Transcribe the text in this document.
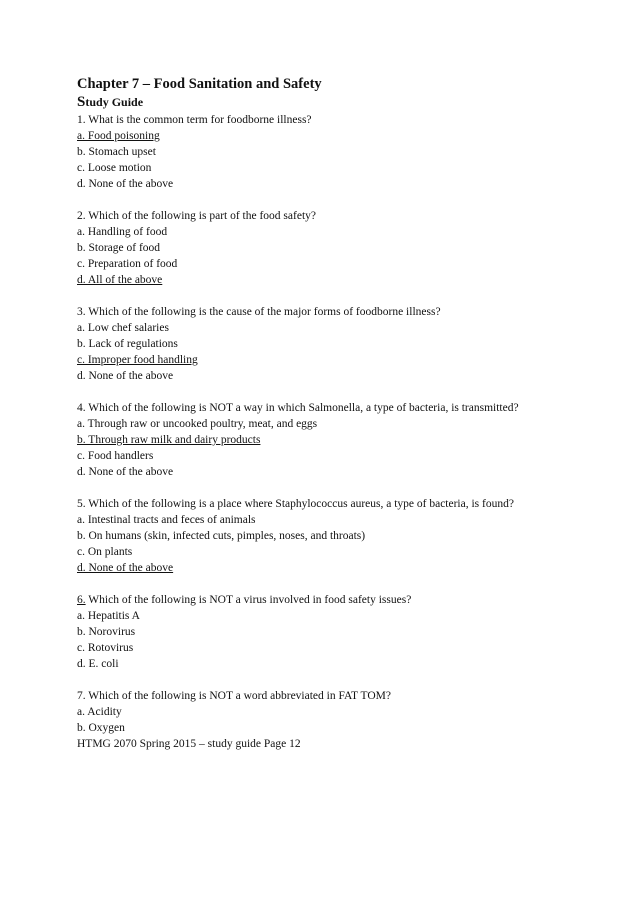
Chapter 7 – Food Sanitation and Safety

Study Guide

1. What is the common term for foodborne illness?
a. Food poisoning
b. Stomach upset
c. Loose motion
d. None of the above
2. Which of the following is part of the food safety?
a. Handling of food
b. Storage of food
c. Preparation of food
d. All of the above
3. Which of the following is the cause of the major forms of foodborne illness?
a. Low chef salaries
b. Lack of regulations
c. Improper food handling
d. None of the above
4. Which of the following is NOT a way in which Salmonella, a type of bacteria, is transmitted?
a. Through raw or uncooked poultry, meat, and eggs
b. Through raw milk and dairy products
c. Food handlers
d. None of the above
5. Which of the following is a place where Staphylococcus aureus, a type of bacteria, is found?
a. Intestinal tracts and feces of animals
b. On humans (skin, infected cuts, pimples, noses, and throats)
c. On plants
d. None of the above
6. Which of the following is NOT a virus involved in food safety issues?
a. Hepatitis A
b. Norovirus
c. Rotovirus
d. E. coli
7. Which of the following is NOT a word abbreviated in FAT TOM?
a. Acidity
b. Oxygen
HTMG 2070 Spring 2015 – study guide Page 12
